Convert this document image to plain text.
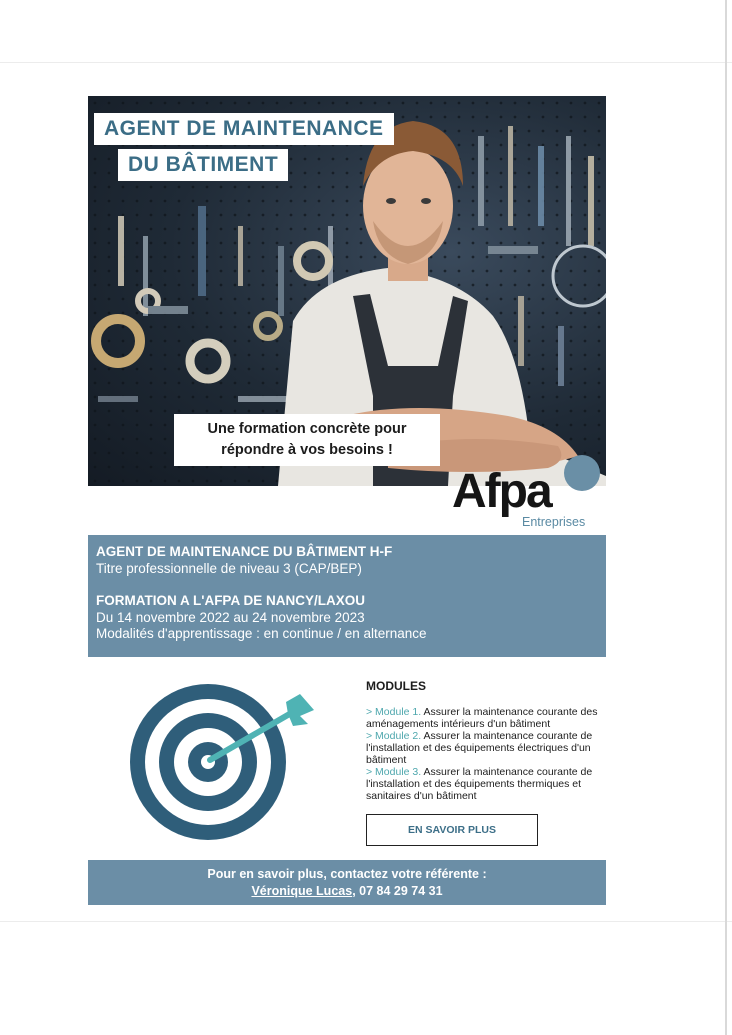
AGENT DE MAINTENANCE
DU BÂTIMENT
Une formation concrète pour
répondre à vos besoins !
Afpa
Entreprises
AGENT DE MAINTENANCE DU BÂTIMENT H-F
Titre professionnelle de niveau 3 (CAP/BEP)
FORMATION A L'AFPA DE NANCY/LAXOU
Du 14 novembre 2022 au 24 novembre 2023
Modalités d'apprentissage : en continue / en alternance
MODULES
> Module 1. Assurer la maintenance courante des aménagements intérieurs d'un bâtiment
> Module 2. Assurer la maintenance courante de l'installation et des équipements électriques d'un bâtiment
> Module 3. Assurer la maintenance courante de l'installation et des équipements thermiques et sanitaires d'un bâtiment
EN SAVOIR PLUS
Pour en savoir plus, contactez votre référente :
Véronique Lucas, 07 84 29 74 31
